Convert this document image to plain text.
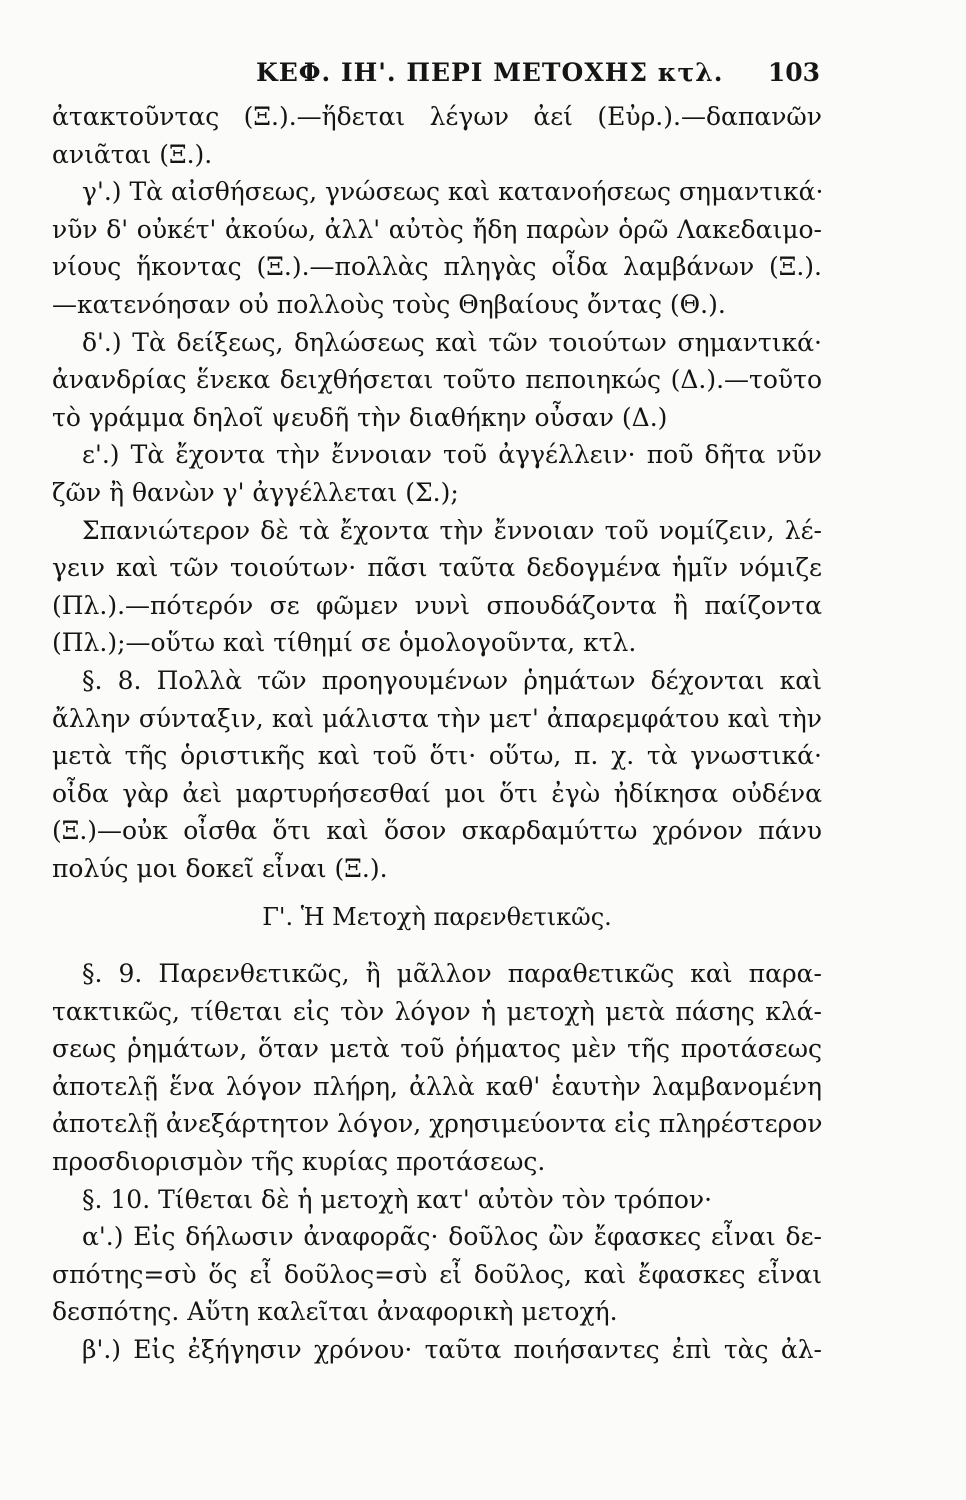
ΚΕΦ. ΙΗ'. ΠΕΡΙ ΜΕΤΟΧΗΣ κτλ. 103
ἀτακτοῦντας (Ξ.).—ἥδεται λέγων ἀεί (Εὐρ.).—δαπανῶν
ανιᾶται (Ξ.).
γ'.) Τὰ αἰσθήσεως, γνώσεως καὶ κατανοήσεως σημαντικά·
νῦν δ' οὐκέτ' ἀκούω, ἀλλ' αὐτὸς ἤδη παρὼν ὁρῶ Λακεδαιμο-
νίους ἥκοντας (Ξ.).—πολλὰς πληγὰς οἶδα λαμβάνων (Ξ.).
—κατενόησαν οὐ πολλοὺς τοὺς Θηβαίους ὄντας (Θ.).
δ'.) Τὰ δείξεως, δηλώσεως καὶ τῶν τοιούτων σημαντικά·
ἀνανδρίας ἕνεκα δειχθήσεται τοῦτο πεποιηκώς (Δ.).—τοῦτο
τὸ γράμμα δηλοῖ ψευδῆ τὴν διαθήκην οὖσαν (Δ.)
ε'.) Τὰ ἔχοντα τὴν ἔννοιαν τοῦ ἀγγέλλειν· ποῦ δῆτα νῦν
ζῶν ἢ θανὼν γ' ἀγγέλλεται (Σ.);
Σπανιώτερον δὲ τὰ ἔχοντα τὴν ἔννοιαν τοῦ νομίζειν, λέ-
γειν καὶ τῶν τοιούτων· πᾶσι ταῦτα δεδογμένα ἡμῖν νόμιζε
(Πλ.).—πότερόν σε φῶμεν νυνὶ σπουδάζοντα ἢ παίζοντα
(Πλ.);—οὕτω καὶ τίθημί σε ὁμολογοῦντα, κτλ.
§. 8. Πολλὰ τῶν προηγουμένων ῥημάτων δέχονται καὶ
ἄλλην σύνταξιν, καὶ μάλιστα τὴν μετ' ἀπαρεμφάτου καὶ τὴν
μετὰ τῆς ὁριστικῆς καὶ τοῦ ὅτι· οὕτω, π. χ. τὰ γνωστικά·
οἶδα γὰρ ἀεὶ μαρτυρήσεσθαί μοι ὅτι ἐγὼ ἠδίκησα οὐδένα
(Ξ.)—οὐκ οἶσθα ὅτι καὶ ὅσον σκαρδαμύττω χρόνον πάνυ
πολύς μοι δοκεῖ εἶναι (Ξ.).
Γ'. Ἡ Μετοχὴ παρενθετικῶς.
§. 9. Παρενθετικῶς, ἢ μᾶλλον παραθετικῶς καὶ παρα-
τακτικῶς, τίθεται εἰς τὸν λόγον ἡ μετοχὴ μετὰ πάσης κλά-
σεως ῥημάτων, ὅταν μετὰ τοῦ ῥήματος μὲν τῆς προτάσεως
ἀποτελῇ ἕνα λόγον πλήρη, ἀλλὰ καθ' ἑαυτὴν λαμβανομένη
ἀποτελῇ ἀνεξάρτητον λόγον, χρησιμεύοντα εἰς πληρέστερον
προσδιορισμὸν τῆς κυρίας προτάσεως.
§. 10. Τίθεται δὲ ἡ μετοχὴ κατ' αὐτὸν τὸν τρόπον·
α'.) Εἰς δήλωσιν ἀναφορᾶς· δοῦλος ὢν ἔφασκες εἶναι δε-
σπότης=σὺ ὅς εἶ δοῦλος=σὺ εἶ δοῦλος, καὶ ἔφασκες εἶναι
δεσπότης. Αὕτη καλεῖται ἀναφορικὴ μετοχή.
β'.) Εἰς ἐξήγησιν χρόνου· ταῦτα ποιήσαντες ἐπὶ τὰς ἀλ-
